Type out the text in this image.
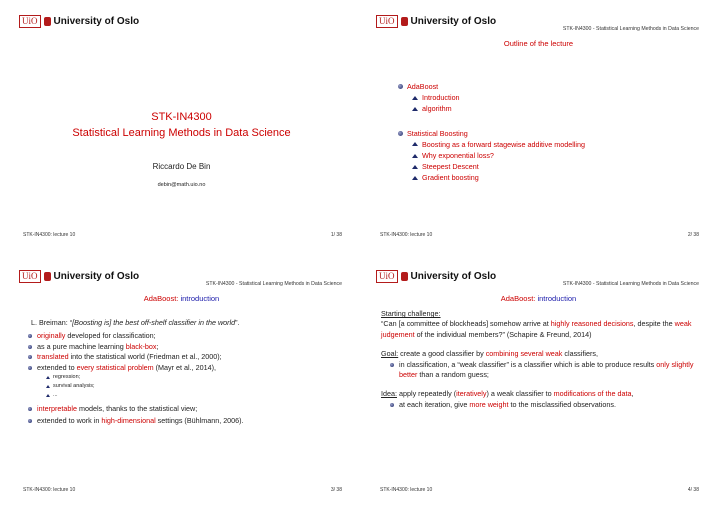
UiO	University of Oslo
STK-IN4300
Statistical Learning Methods in Data Science
Riccardo De Bin
debin@math.uio.no
STK-IN4300: lecture 10	1/ 38
UiO	University of Oslo
STK-IN4300 - Statistical Learning Methods in Data Science
Outline of the lecture
AdaBoost
Introduction
algorithm
Statistical Boosting
Boosting as a forward stagewise additive modelling
Why exponential loss?
Steepest Descent
Gradient boosting
STK-IN4300: lecture 10	2/ 38
UiO	University of Oslo
STK-IN4300 - Statistical Learning Methods in Data Science
AdaBoost: introduction
L. Breiman: “[Boosting is] the best off-shelf classifier in the world”.
originally developed for classification;
as a pure machine learning black-box;
translated into the statistical world (Friedman et al., 2000);
extended to every statistical problem (Mayr et al., 2014),
regression;
survival analysis;
...
interpretable models, thanks to the statistical view;
extended to work in high-dimensional settings (Bühlmann, 2006).
STK-IN4300: lecture 10	3/ 38
UiO	University of Oslo
STK-IN4300 - Statistical Learning Methods in Data Science
AdaBoost: introduction
Starting challenge:
“Can [a committee of blockheads] somehow arrive at highly reasoned decisions, despite the weak judgement of the individual members?” (Schapire & Freund, 2014)
Goal: create a good classifier by combining several weak classifiers,
in classification, a “weak classifier” is a classifier which is able to produce results only slightly better than a random guess;
Idea: apply repeatedly (iteratively) a weak classifier to modifications of the data,
at each iteration, give more weight to the misclassified observations.
STK-IN4300: lecture 10	4/ 38
